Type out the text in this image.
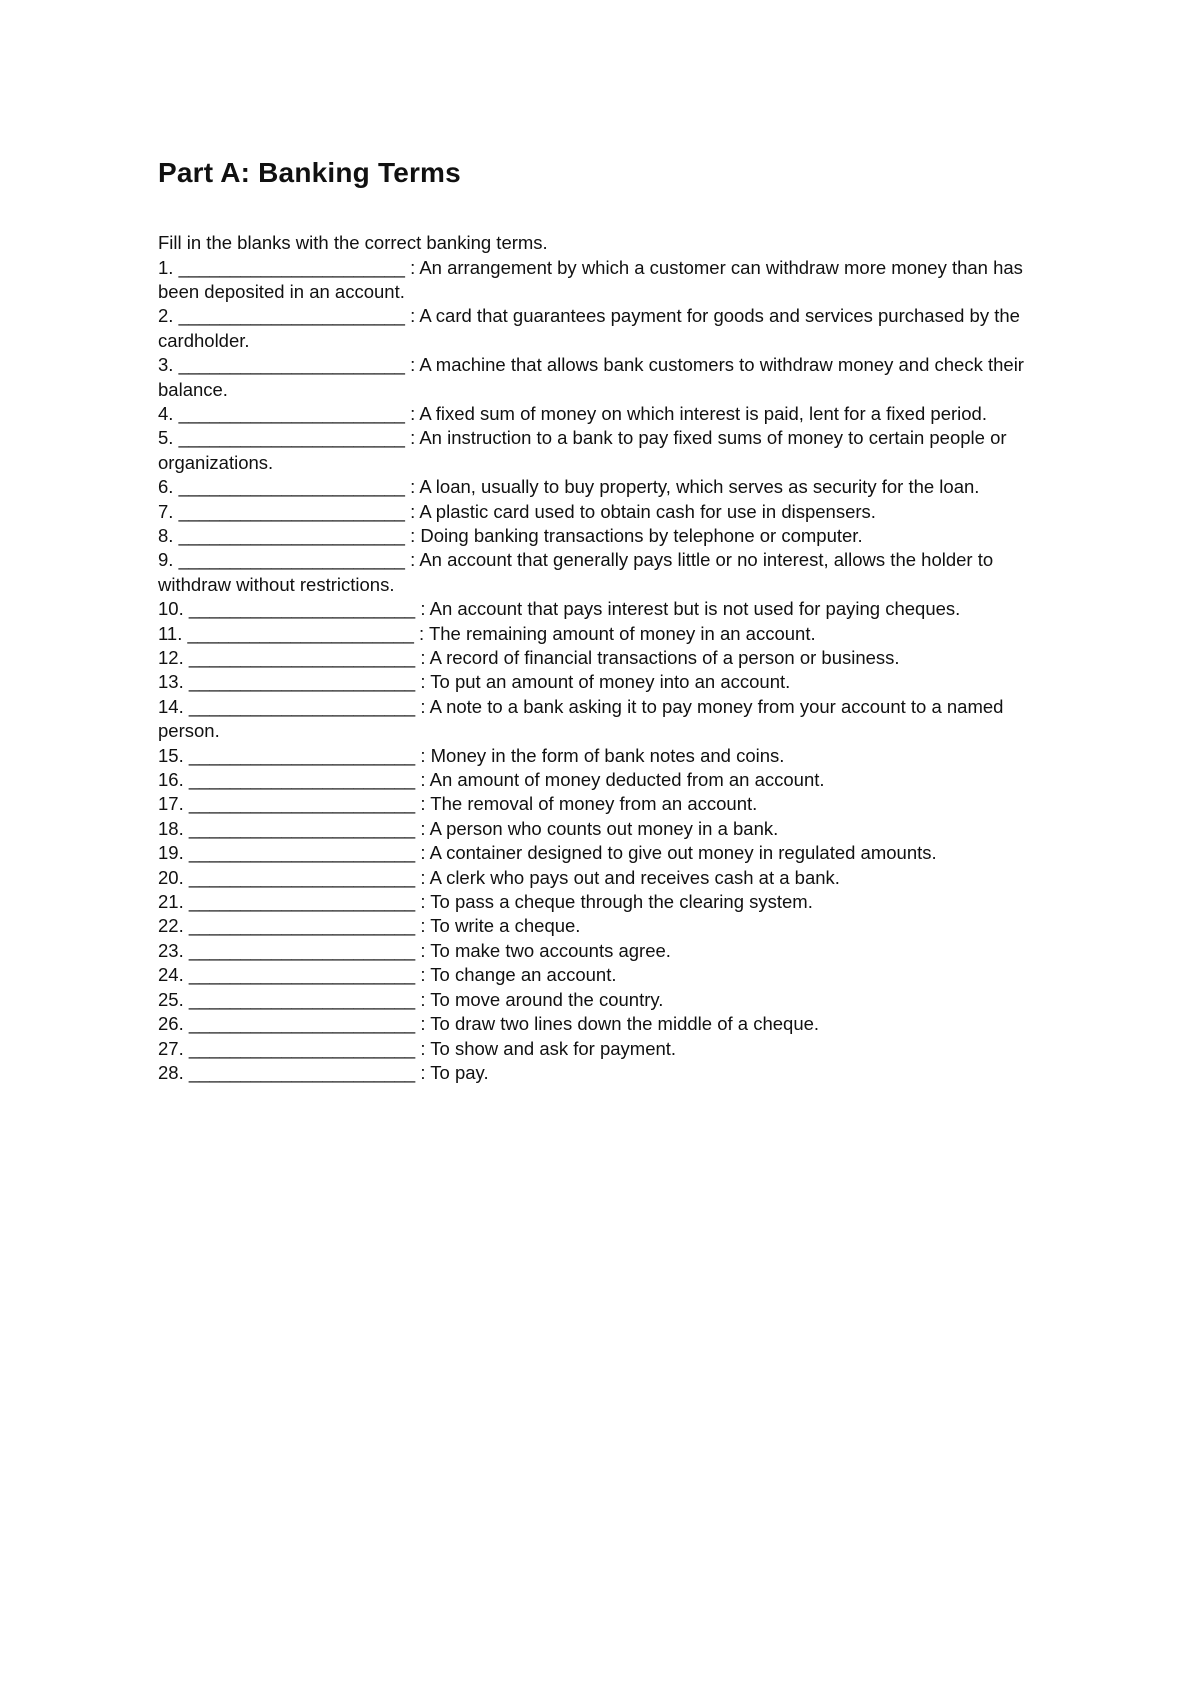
Part A: Banking Terms

Fill in the blanks with the correct banking terms.

1. ______________________ : An arrangement by which a customer can withdraw more money than has been deposited in an account.
2. ______________________ : A card that guarantees payment for goods and services purchased by the cardholder.
3. ______________________ : A machine that allows bank customers to withdraw money and check their balance.
4. ______________________ : A fixed sum of money on which interest is paid, lent for a fixed period.
5. ______________________ : An instruction to a bank to pay fixed sums of money to certain people or organizations.
6. ______________________ : A loan, usually to buy property, which serves as security for the loan.
7. ______________________ : A plastic card used to obtain cash for use in dispensers.
8. ______________________ : Doing banking transactions by telephone or computer.
9. ______________________ : An account that generally pays little or no interest, allows the holder to withdraw without restrictions.
10. ______________________ : An account that pays interest but is not used for paying cheques.
11. ______________________ : The remaining amount of money in an account.
12. ______________________ : A record of financial transactions of a person or business.
13. ______________________ : To put an amount of money into an account.
14. ______________________ : A note to a bank asking it to pay money from your account to a named person.
15. ______________________ : Money in the form of bank notes and coins.
16. ______________________ : An amount of money deducted from an account.
17. ______________________ : The removal of money from an account.
18. ______________________ : A person who counts out money in a bank.
19. ______________________ : A container designed to give out money in regulated amounts.
20. ______________________ : A clerk who pays out and receives cash at a bank.
21. ______________________ : To pass a cheque through the clearing system.
22. ______________________ : To write a cheque.
23. ______________________ : To make two accounts agree.
24. ______________________ : To change an account.
25. ______________________ : To move around the country.
26. ______________________ : To draw two lines down the middle of a cheque.
27. ______________________ : To show and ask for payment.
28. ______________________ : To pay.
